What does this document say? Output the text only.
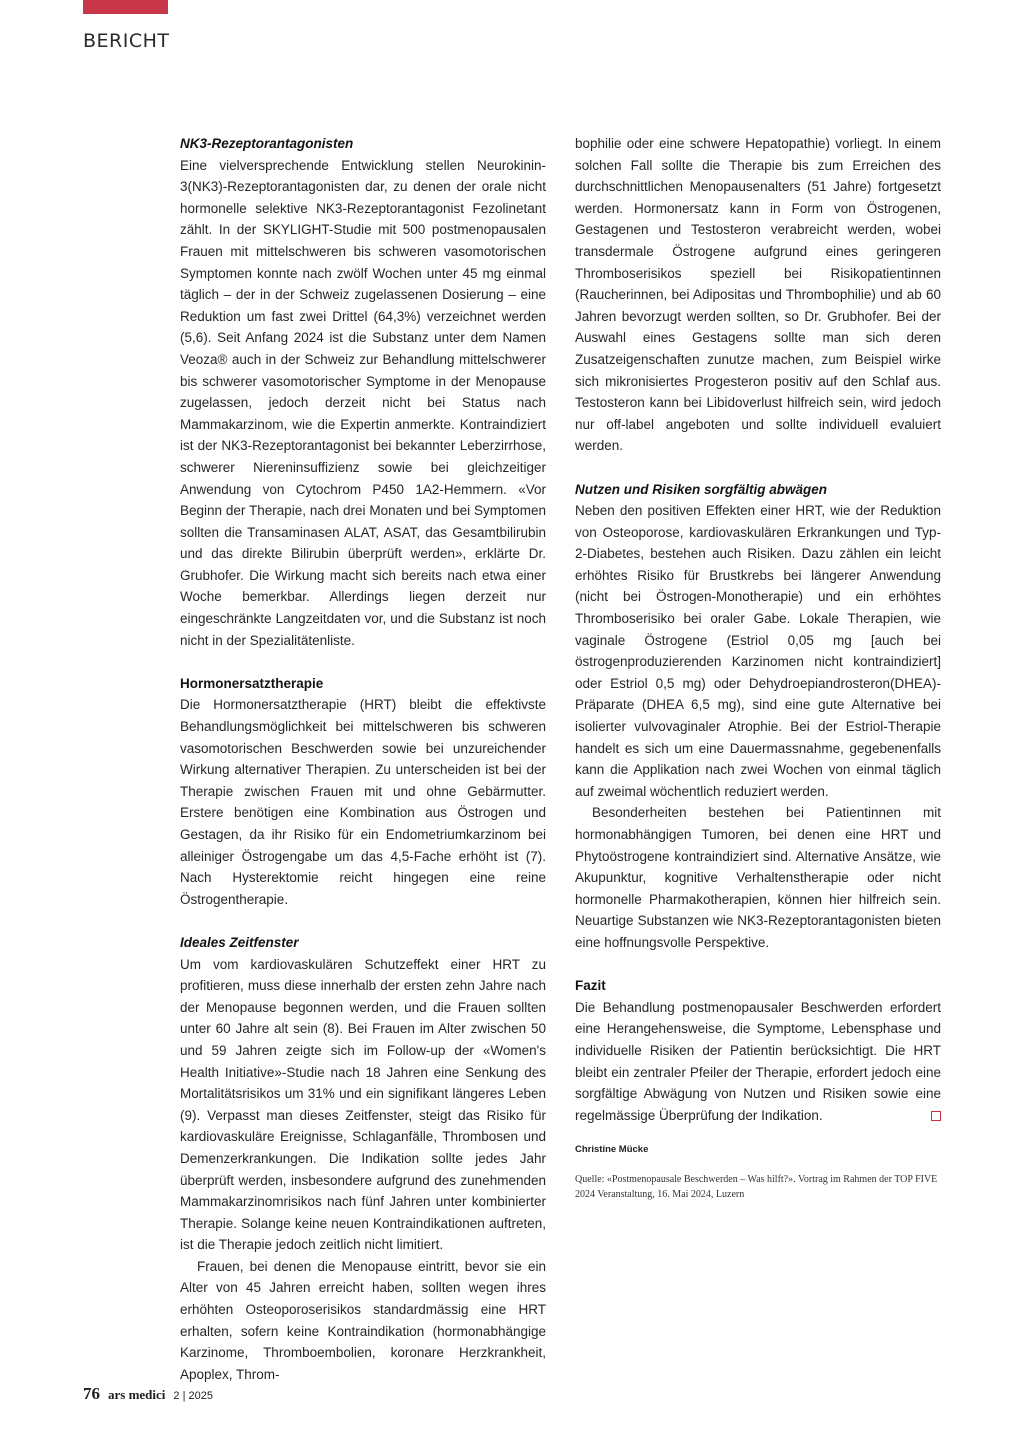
BERICHT
NK3-Rezeptorantagonisten

Eine vielversprechende Entwicklung stellen Neurokinin-3(NK3)-Rezeptorantagonisten dar, zu denen der orale nicht hormonelle selektive NK3-Rezeptorantagonist Fezolinetant zählt. In der SKYLIGHT-Studie mit 500 postmenopausalen Frauen mit mittelschweren bis schweren vasomotorischen Symptomen konnte nach zwölf Wochen unter 45 mg einmal täglich – der in der Schweiz zugelassenen Dosierung – eine Reduktion um fast zwei Drittel (64,3%) verzeichnet werden (5,6). Seit Anfang 2024 ist die Substanz unter dem Namen Veoza® auch in der Schweiz zur Behandlung mittelschwerer bis schwerer vasomotorischer Symptome in der Menopause zugelassen, jedoch derzeit nicht bei Status nach Mammakarzinom, wie die Expertin anmerkte. Kontraindiziert ist der NK3-Rezeptorantagonist bei bekannter Leberzirrhose, schwerer Niereninsuffizienz sowie bei gleichzeitiger Anwendung von Cytochrom P450 1A2-Hemmern. «Vor Beginn der Therapie, nach drei Monaten und bei Symptomen sollten die Transaminasen ALAT, ASAT, das Gesamtbilirubin und das direkte Bilirubin überprüft werden», erklärte Dr. Grubhofer. Die Wirkung macht sich bereits nach etwa einer Woche bemerkbar. Allerdings liegen derzeit nur eingeschränkte Langzeitdaten vor, und die Substanz ist noch nicht in der Spezialitätenliste.

Hormonersatztherapie

Die Hormonersatztherapie (HRT) bleibt die effektivste Behandlungsmöglichkeit bei mittelschweren bis schweren vasomotorischen Beschwerden sowie bei unzureichender Wirkung alternativer Therapien. Zu unterscheiden ist bei der Therapie zwischen Frauen mit und ohne Gebärmutter. Erstere benötigen eine Kombination aus Östrogen und Gestagen, da ihr Risiko für ein Endometriumkarzinom bei alleiniger Östrogengabe um das 4,5-Fache erhöht ist (7). Nach Hysterektomie reicht hingegen eine reine Östrogentherapie.

Ideales Zeitfenster

Um vom kardiovaskulären Schutzeffekt einer HRT zu profitieren, muss diese innerhalb der ersten zehn Jahre nach der Menopause begonnen werden, und die Frauen sollten unter 60 Jahre alt sein (8). Bei Frauen im Alter zwischen 50 und 59 Jahren zeigte sich im Follow-up der «Women's Health Initiative»-Studie nach 18 Jahren eine Senkung des Mortalitätsrisikos um 31% und ein signifikant längeres Leben (9). Verpasst man dieses Zeitfenster, steigt das Risiko für kardiovaskuläre Ereignisse, Schlaganfälle, Thrombosen und Demenzerkrankungen. Die Indikation sollte jedes Jahr überprüft werden, insbesondere aufgrund des zunehmenden Mammakarzinomrisikos nach fünf Jahren unter kombinierter Therapie. Solange keine neuen Kontraindikationen auftreten, ist die Therapie jedoch zeitlich nicht limitiert.

Frauen, bei denen die Menopause eintritt, bevor sie ein Alter von 45 Jahren erreicht haben, sollten wegen ihres erhöhten Osteoporoserisikos standardmässig eine HRT erhalten, sofern keine Kontraindikation (hormonabhängige Karzinome, Thromboembolien, koronare Herzkrankheit, Apoplex, Throm-

bophilie oder eine schwere Hepatopathie) vorliegt. In einem solchen Fall sollte die Therapie bis zum Erreichen des durchschnittlichen Menopausenalters (51 Jahre) fortgesetzt werden. Hormonersatz kann in Form von Östrogenen, Gestagenen und Testosteron verabreicht werden, wobei transdermale Östrogene aufgrund eines geringeren Thromboserisikos speziell bei Risikopatientinnen (Raucherinnen, bei Adipositas und Thrombophilie) und ab 60 Jahren bevorzugt werden sollten, so Dr. Grubhofer. Bei der Auswahl eines Gestagens sollte man sich deren Zusatzeigenschaften zunutze machen, zum Beispiel wirke sich mikronisiertes Progesteron positiv auf den Schlaf aus. Testosteron kann bei Libidoverlust hilfreich sein, wird jedoch nur off-label angeboten und sollte individuell evaluiert werden.

Nutzen und Risiken sorgfältig abwägen

Neben den positiven Effekten einer HRT, wie der Reduktion von Osteoporose, kardiovaskulären Erkrankungen und Typ-2-Diabetes, bestehen auch Risiken. Dazu zählen ein leicht erhöhtes Risiko für Brustkrebs bei längerer Anwendung (nicht bei Östrogen-Monotherapie) und ein erhöhtes Thromboserisiko bei oraler Gabe. Lokale Therapien, wie vaginale Östrogene (Estriol 0,05 mg [auch bei östrogenproduzierenden Karzinomen nicht kontraindiziert] oder Estriol 0,5 mg) oder Dehydroepiandrosteron(DHEA)-Präparate (DHEA 6,5 mg), sind eine gute Alternative bei isolierter vulvovaginaler Atrophie. Bei der Estriol-Therapie handelt es sich um eine Dauermassnahme, gegebenenfalls kann die Applikation nach zwei Wochen von einmal täglich auf zweimal wöchentlich reduziert werden.

Besonderheiten bestehen bei Patientinnen mit hormonabhängigen Tumoren, bei denen eine HRT und Phytoöstrogene kontraindiziert sind. Alternative Ansätze, wie Akupunktur, kognitive Verhaltenstherapie oder nicht hormonelle Pharmakotherapien, können hier hilfreich sein. Neuartige Substanzen wie NK3-Rezeptorantagonisten bieten eine hoffnungsvolle Perspektive.

Fazit

Die Behandlung postmenopausaler Beschwerden erfordert eine Herangehensweise, die Symptome, Lebensphase und individuelle Risiken der Patientin berücksichtigt. Die HRT bleibt ein zentraler Pfeiler der Therapie, erfordert jedoch eine sorgfältige Abwägung von Nutzen und Risiken sowie eine regelmässige Überprüfung der Indikation.

Christine Mücke
Quelle: «Postmenopausale Beschwerden – Was hilft?». Vortrag im Rahmen der TOP FIVE 2024 Veranstaltung, 16. Mai 2024, Luzern
76 ars medici 2 | 2025
